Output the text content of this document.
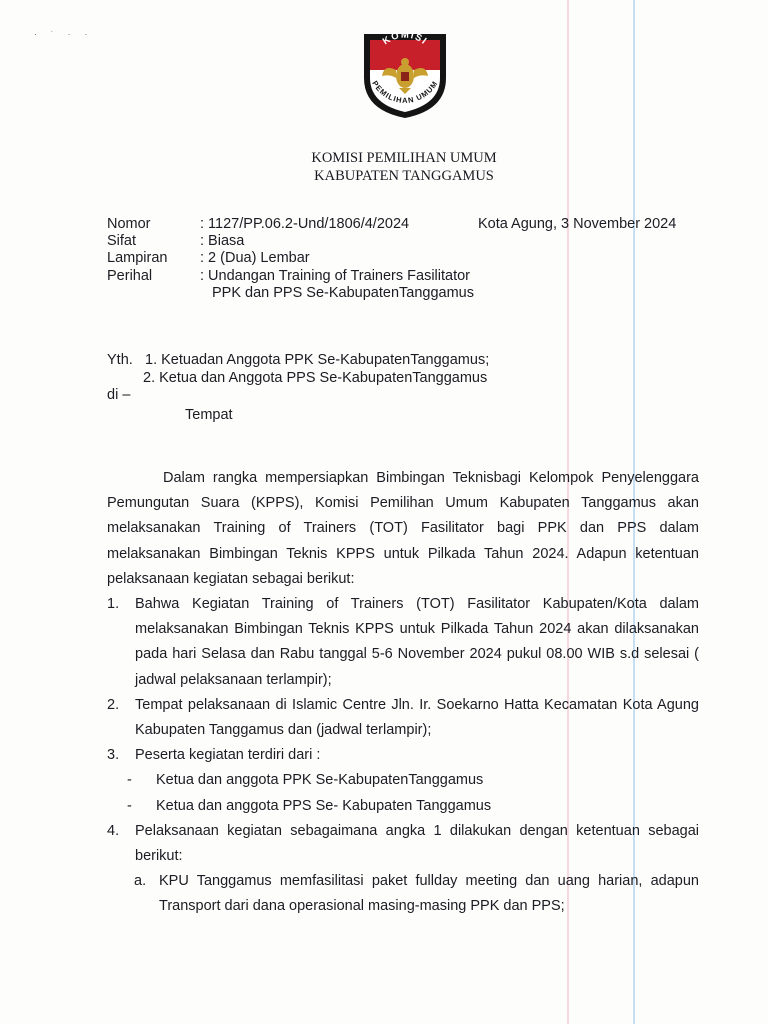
· ˙ · ·	KOMISI
PEMILIHAN UMUM
KOMISI PEMILIHAN UMUM
KABUPATEN TANGGAMUS
Nomor	: 1127/PP.06.2-Und/1806/4/2024
Sifat	: Biasa
Lampiran	: 2 (Dua) Lembar
Perihal	: Undangan Training of Trainers Fasilitator
PPK dan PPS Se-KabupatenTanggamus
Kota Agung, 3 November 2024
Yth. 1. Ketuadan Anggota PPK Se-KabupatenTanggamus;
2. Ketua dan Anggota PPS Se-KabupatenTanggamus
di –
Tempat
Dalam rangka mempersiapkan Bimbingan Teknisbagi Kelompok Penyelenggara Pemungutan Suara (KPPS), Komisi Pemilihan Umum Kabupaten Tanggamus akan melaksanakan Training of Trainers (TOT) Fasilitator bagi PPK dan PPS dalam melaksanakan Bimbingan Teknis KPPS untuk Pilkada Tahun 2024. Adapun ketentuan pelaksanaan kegiatan sebagai berikut:
1.	Bahwa Kegiatan Training of Trainers (TOT) Fasilitator Kabupaten/Kota dalam melaksanakan Bimbingan Teknis KPPS untuk Pilkada Tahun 2024 akan dilaksanakan pada hari Selasa dan Rabu tanggal 5-6 November 2024 pukul 08.00 WIB s.d selesai ( jadwal pelaksanaan terlampir);
2.	Tempat pelaksanaan di Islamic Centre Jln. Ir. Soekarno Hatta Kecamatan Kota Agung Kabupaten Tanggamus dan (jadwal terlampir);
3.	Peserta kegiatan terdiri dari :
-	Ketua dan anggota PPK Se-KabupatenTanggamus
-	Ketua dan anggota PPS Se- Kabupaten Tanggamus
4.	Pelaksanaan kegiatan sebagaimana angka 1 dilakukan dengan ketentuan sebagai berikut:
a. KPU Tanggamus memfasilitasi paket fullday meeting dan uang harian, adapun Transport dari dana operasional masing-masing PPK dan PPS;
